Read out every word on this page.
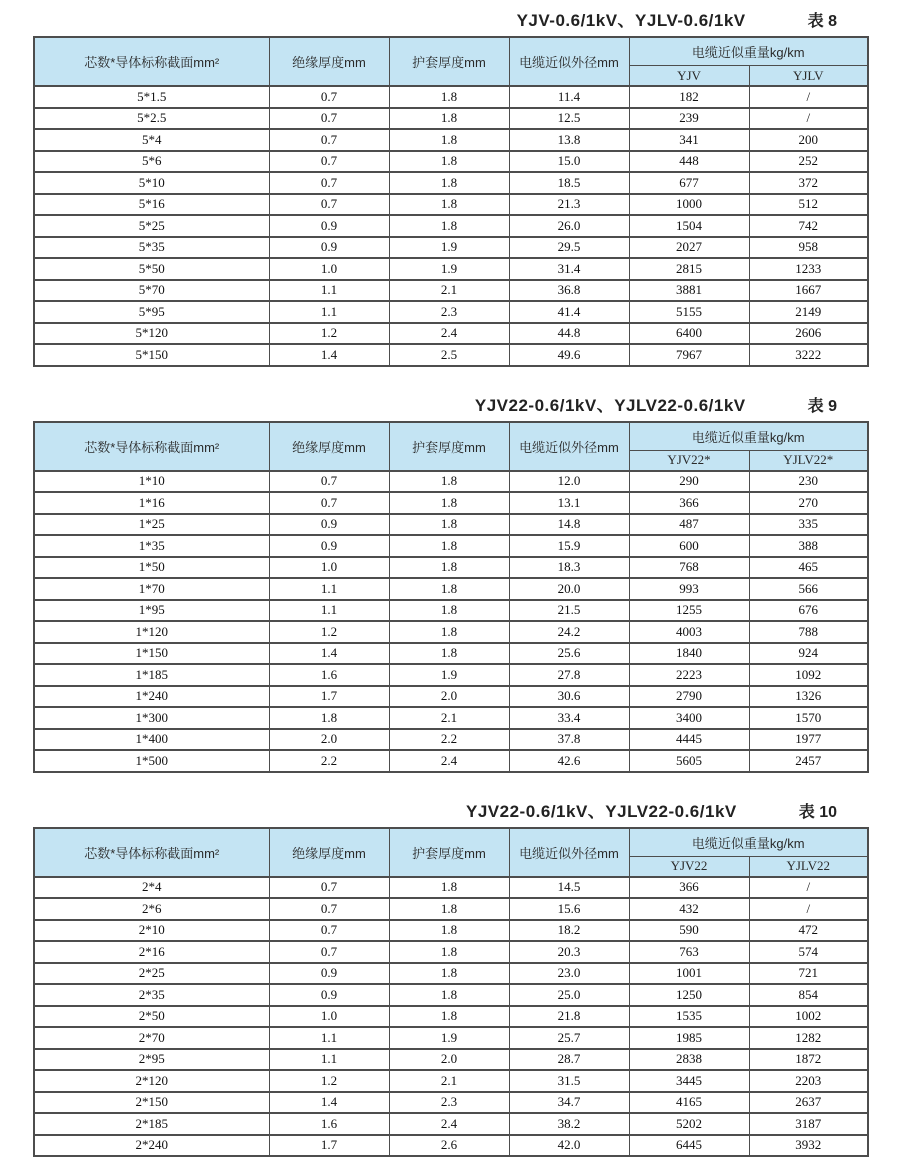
YJV-0.6/1kV、YJLV-0.6/1kV	表 8
芯数*导体标称截面mm²	绝缘厚度mm	护套厚度mm	电缆近似外径mm	电缆近似重量kg/km	
				YJV	YJLV
5*1.5	0.7	1.8	11.4	182	/
5*2.5	0.7	1.8	12.5	239	/
5*4	0.7	1.8	13.8	341	200
5*6	0.7	1.8	15.0	448	252
5*10	0.7	1.8	18.5	677	372
5*16	0.7	1.8	21.3	1000	512
5*25	0.9	1.8	26.0	1504	742
5*35	0.9	1.9	29.5	2027	958
5*50	1.0	1.9	31.4	2815	1233
5*70	1.1	2.1	36.8	3881	1667
5*95	1.1	2.3	41.4	5155	2149
5*120	1.2	2.4	44.8	6400	2606
5*150	1.4	2.5	49.6	7967	3222
YJV22-0.6/1kV、YJLV22-0.6/1kV	表 9
芯数*导体标称截面mm²	绝缘厚度mm	护套厚度mm	电缆近似外径mm	电缆近似重量kg/km	
				YJV22*	YJLV22*
1*10	0.7	1.8	12.0	290	230
1*16	0.7	1.8	13.1	366	270
1*25	0.9	1.8	14.8	487	335
1*35	0.9	1.8	15.9	600	388
1*50	1.0	1.8	18.3	768	465
1*70	1.1	1.8	20.0	993	566
1*95	1.1	1.8	21.5	1255	676
1*120	1.2	1.8	24.2	4003	788
1*150	1.4	1.8	25.6	1840	924
1*185	1.6	1.9	27.8	2223	1092
1*240	1.7	2.0	30.6	2790	1326
1*300	1.8	2.1	33.4	3400	1570
1*400	2.0	2.2	37.8	4445	1977
1*500	2.2	2.4	42.6	5605	2457
YJV22-0.6/1kV、YJLV22-0.6/1kV	表 10
芯数*导体标称截面mm²	绝缘厚度mm	护套厚度mm	电缆近似外径mm	电缆近似重量kg/km	
				YJV22	YJLV22
2*4	0.7	1.8	14.5	366	/
2*6	0.7	1.8	15.6	432	/
2*10	0.7	1.8	18.2	590	472
2*16	0.7	1.8	20.3	763	574
2*25	0.9	1.8	23.0	1001	721
2*35	0.9	1.8	25.0	1250	854
2*50	1.0	1.8	21.8	1535	1002
2*70	1.1	1.9	25.7	1985	1282
2*95	1.1	2.0	28.7	2838	1872
2*120	1.2	2.1	31.5	3445	2203
2*150	1.4	2.3	34.7	4165	2637
2*185	1.6	2.4	38.2	5202	3187
2*240	1.7	2.6	42.0	6445	3932
